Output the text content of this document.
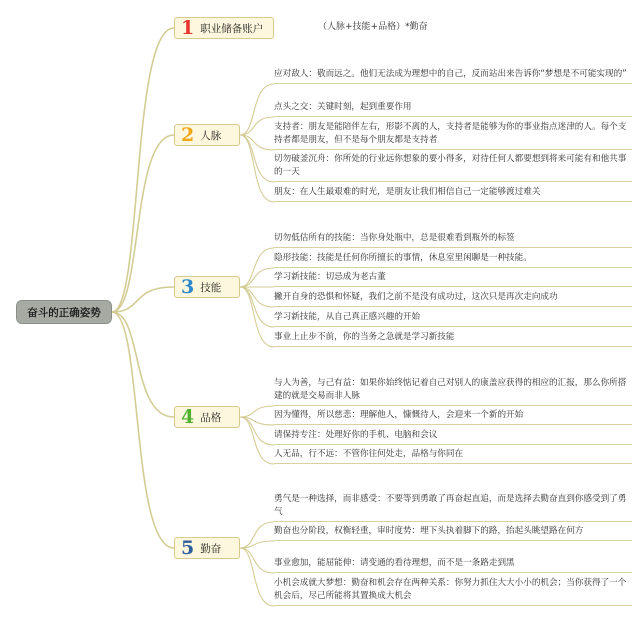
奋斗的正确姿势
1 职业储备账户	（人脉+技能+品格）*勤奋
2 人脉
应对敌人：敬而远之。他们无法成为理想中的自己，反而站出来告诉你“梦想是不可能实现的”
点头之交：关键时刻，起到重要作用
支持者：朋友是能陪伴左右，形影不离的人，支持者是能够为你的事业指点迷津的人。每个支持者都是朋友，但不是每个朋友都是支持者
切勿破釜沉舟：你所处的行业远你想象的要小得多，对待任何人都要想到将来可能有和他共事的一天
朋友：在人生最艰难的时光，是朋友让我们相信自己一定能够渡过难关
3 技能
切勿低估所有的技能：当你身处瓶中，总是很难看到瓶外的标签
隐形技能：技能是任何你所擅长的事情，休息室里闲聊是一种技能。
学习新技能：切忌成为老古董
撇开自身的恐惧和怀疑，我们之前不是没有成功过，这次只是再次走向成功
学习新技能，从自己真正感兴趣的开始
事业上止步不前，你的当务之急就是学习新技能
4 品格
与人为善，与己有益：如果你始终惦记着自己对别人的康盖应获得的相应的汇报，那么你所搭建的就是交易而非人脉
因为懂得，所以慈悲：理解他人，慷慨待人，会迎来一个新的开始
请保持专注：处理好你的手机、电脑和会议
人无品，行不远：不管你往何处走，品格与你同在
5 勤奋
勇气是一种选择，而非感受：不要等到勇敢了再奋起直追，而是选择去勤奋直到你感受到了勇气
勤奋也分阶段，权衡轻重，审时度势：埋下头执着脚下的路，抬起头眺望路在何方
事业愈加，能屈能伸：请变通的看待理想，而不是一条路走到黑
小机会成就大梦想：勤奋和机会存在两种关系：你努力抓住大大小小的机会；当你获得了一个机会后，尽己所能将其置换成大机会
